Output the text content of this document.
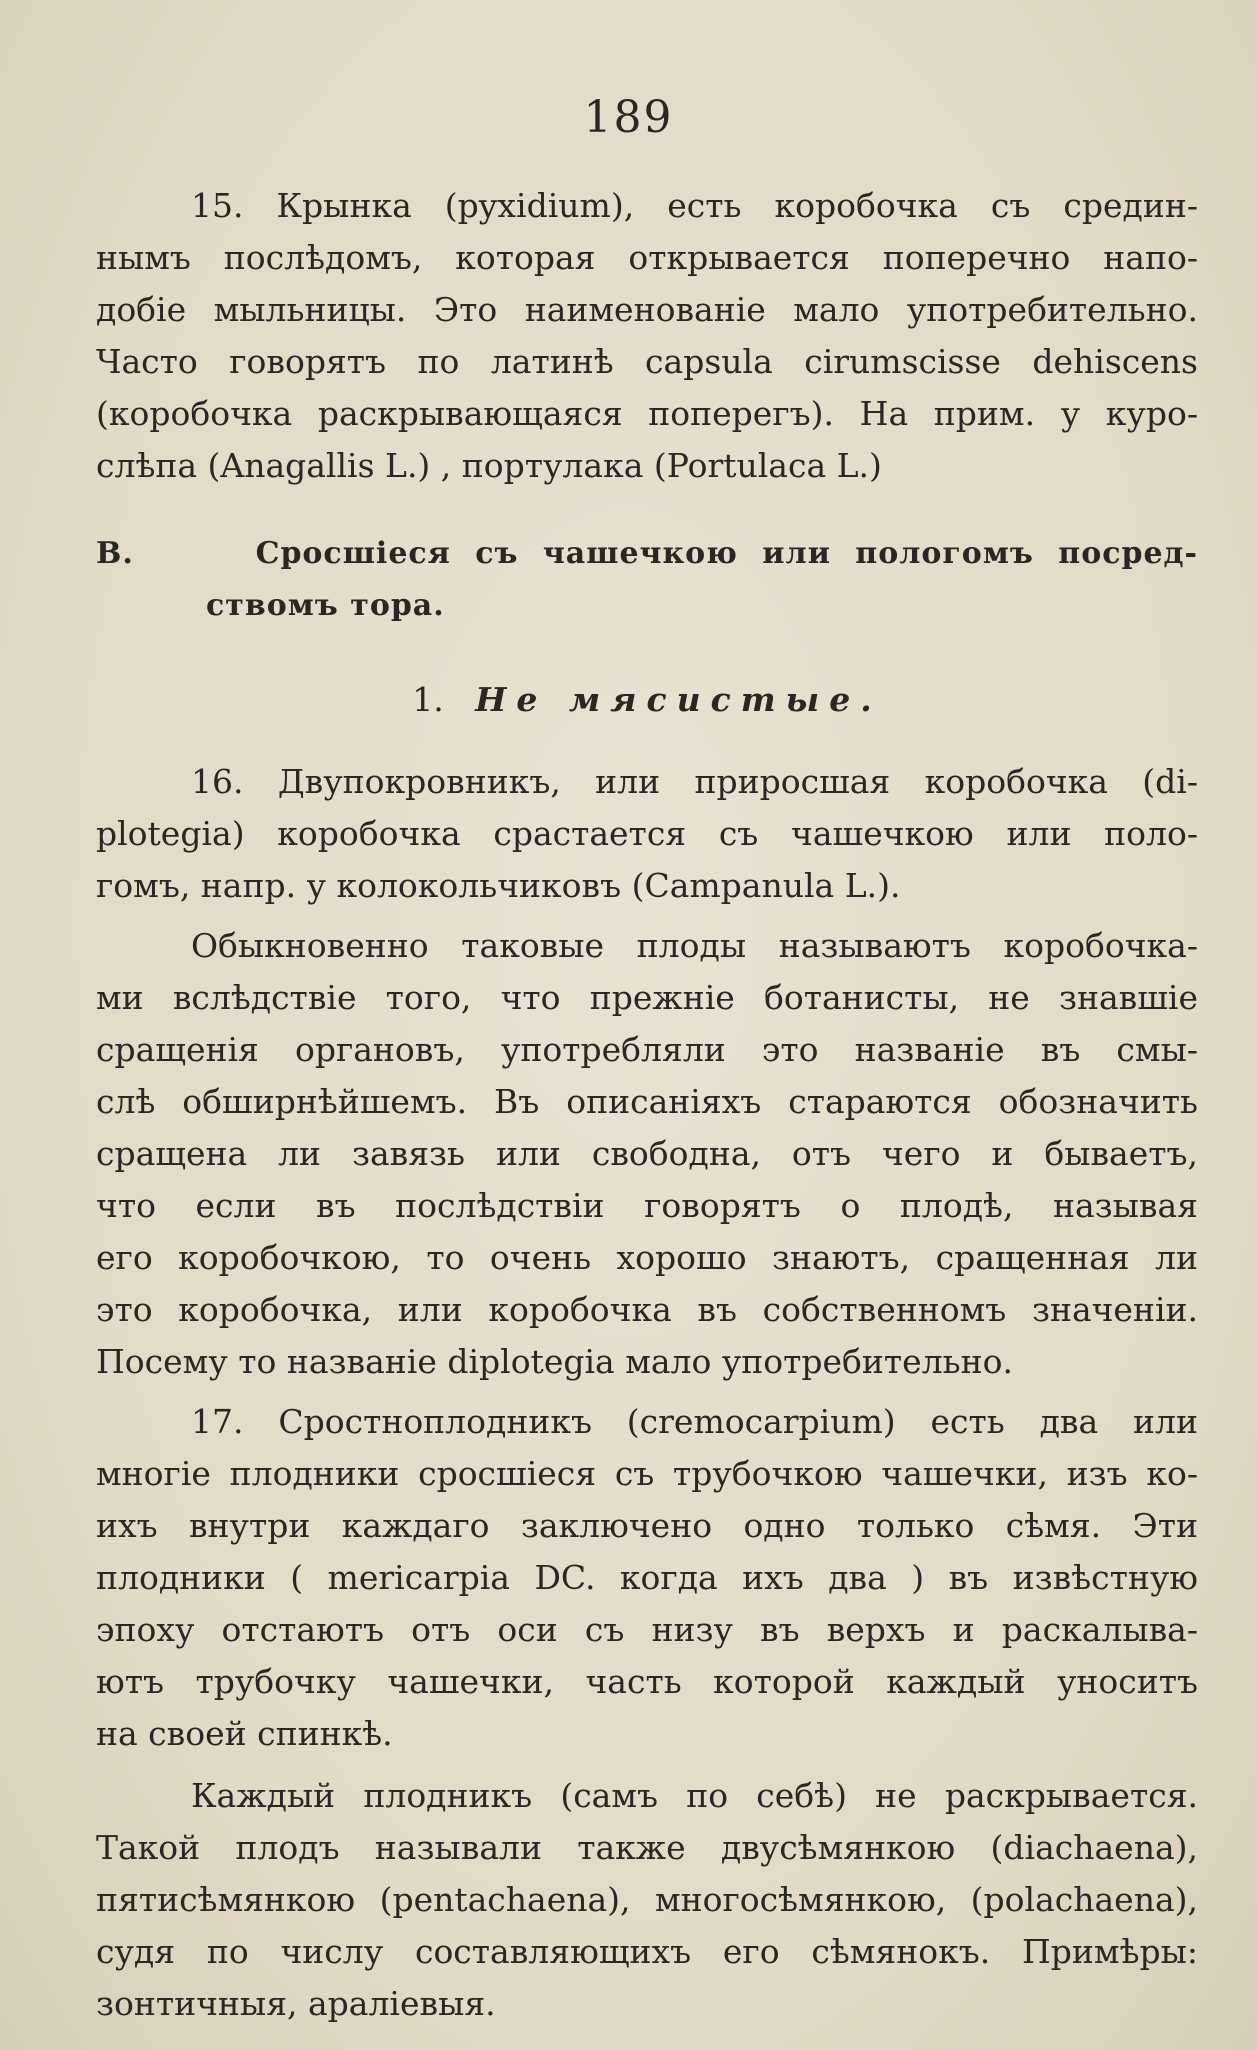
189
15. Крынка (pyxidium), есть коробочка съ средин-
нымъ послѣдомъ, которая открывается поперечно напо-
добіе мыльницы. Это наименованіе мало употребительно.
Часто говорятъ по латинѣ capsula cirumscisse dehiscens
(коробочка раскрывающаяся поперегъ). На прим. у куро-
слѣпа (Anagallis L.) , портулака (Portulaca L.)
В.	Сросшіеся съ чашечкою или пологомъ посред-
ствомъ тора.
1. Не мясистые.
16. Двупокровникъ, или приросшая коробочка (di-
plotegia) коробочка срастается съ чашечкою или поло-
гомъ, напр. у колокольчиковъ (Campanula L.).
Обыкновенно таковые плоды называютъ коробочка-
ми вслѣдствіе того, что прежніе ботанисты, не знавшіе
сращенія органовъ, употребляли это названіе въ смы-
слѣ обширнѣйшемъ. Въ описаніяхъ стараются обозначить
сращена ли завязь или свободна, отъ чего и бываетъ,
что если въ послѣдствіи говорятъ о плодѣ, называя
его коробочкою, то очень хорошо знаютъ, сращенная ли
это коробочка, или коробочка въ собственномъ значеніи.
Посему то названіе diplotegia мало употребительно.
17. Сростноплодникъ (cremocarpium) есть два или
многіе плодники сросшіеся съ трубочкою чашечки, изъ ко-
ихъ внутри каждаго заключено одно только сѣмя. Эти
плодники ( mericarpia DC. когда ихъ два ) въ извѣстную
эпоху отстаютъ отъ оси съ низу въ верхъ и раскалыва-
ютъ трубочку чашечки, часть которой каждый уноситъ
на своей спинкѣ.
Каждый плодникъ (самъ по себѣ) не раскрывается.
Такой плодъ называли также двусѣмянкою (diachaena),
пятисѣмянкою (pentachaena), многосѣмянкою, (polachaena),
судя по числу составляющихъ его сѣмянокъ. Примѣры:
зонтичныя, араліевыя.
